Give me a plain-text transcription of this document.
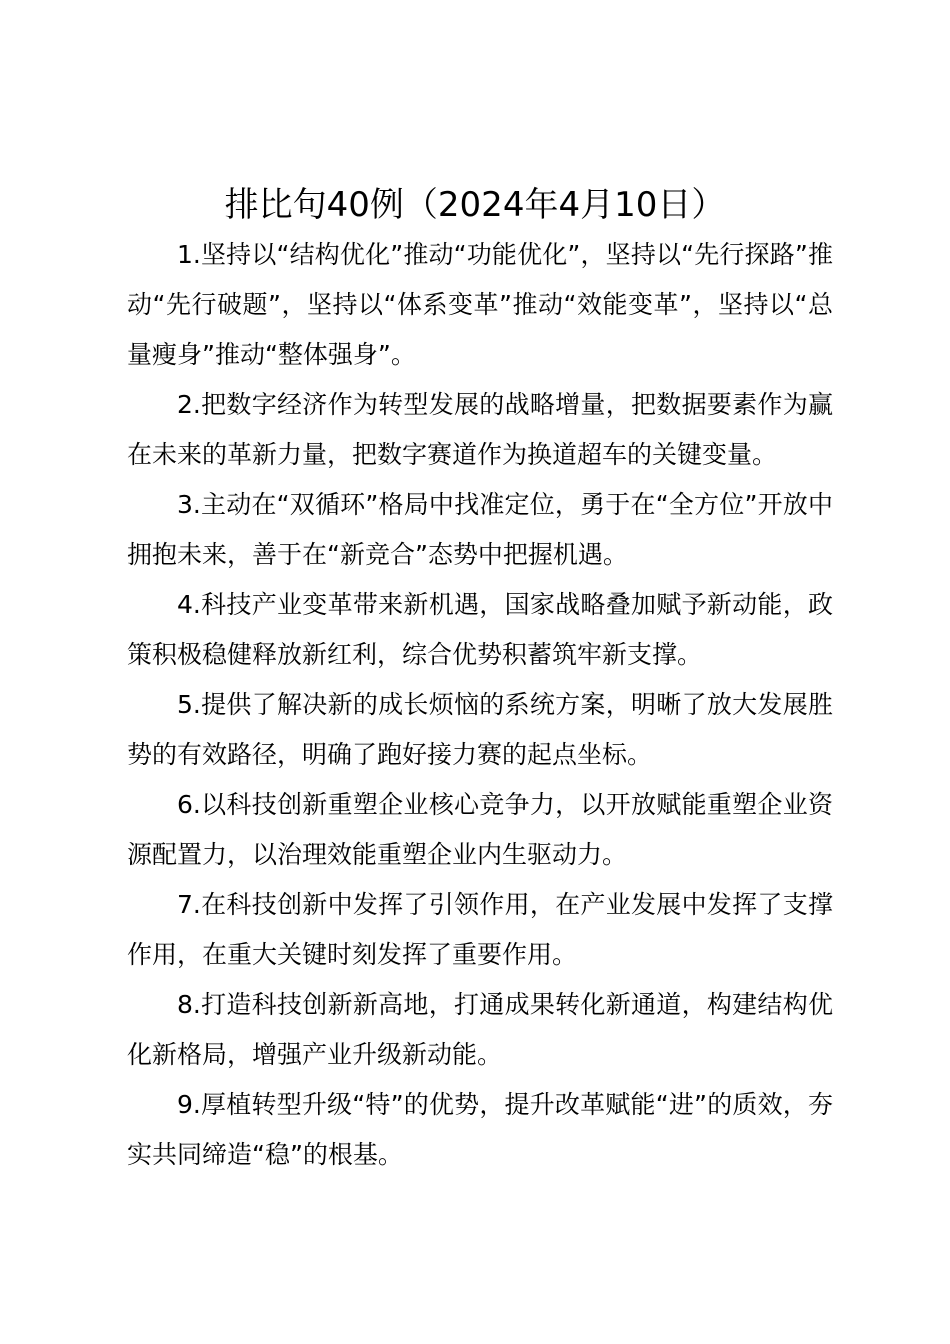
排比句40例（2024年4月10日）

1.坚持以“结构优化”推动“功能优化”，坚持以“先行探路”推动“先行破题”，坚持以“体系变革”推动“效能变革”，坚持以“总量瘦身”推动“整体强身”。

2.把数字经济作为转型发展的战略增量，把数据要素作为赢在未来的革新力量，把数字赛道作为换道超车的关键变量。

3.主动在“双循环”格局中找准定位，勇于在“全方位”开放中拥抱未来，善于在“新竞合”态势中把握机遇。

4.科技产业变革带来新机遇，国家战略叠加赋予新动能，政策积极稳健释放新红利，综合优势积蓄筑牢新支撑。

5.提供了解决新的成长烦恼的系统方案，明晰了放大发展胜势的有效路径，明确了跑好接力赛的起点坐标。

6.以科技创新重塑企业核心竞争力，以开放赋能重塑企业资源配置力，以治理效能重塑企业内生驱动力。

7.在科技创新中发挥了引领作用，在产业发展中发挥了支撑作用，在重大关键时刻发挥了重要作用。

8.打造科技创新新高地，打通成果转化新通道，构建结构优化新格局，增强产业升级新动能。

9.厚植转型升级“特”的优势，提升改革赋能“进”的质效，夯实共同缔造“稳”的根基。
